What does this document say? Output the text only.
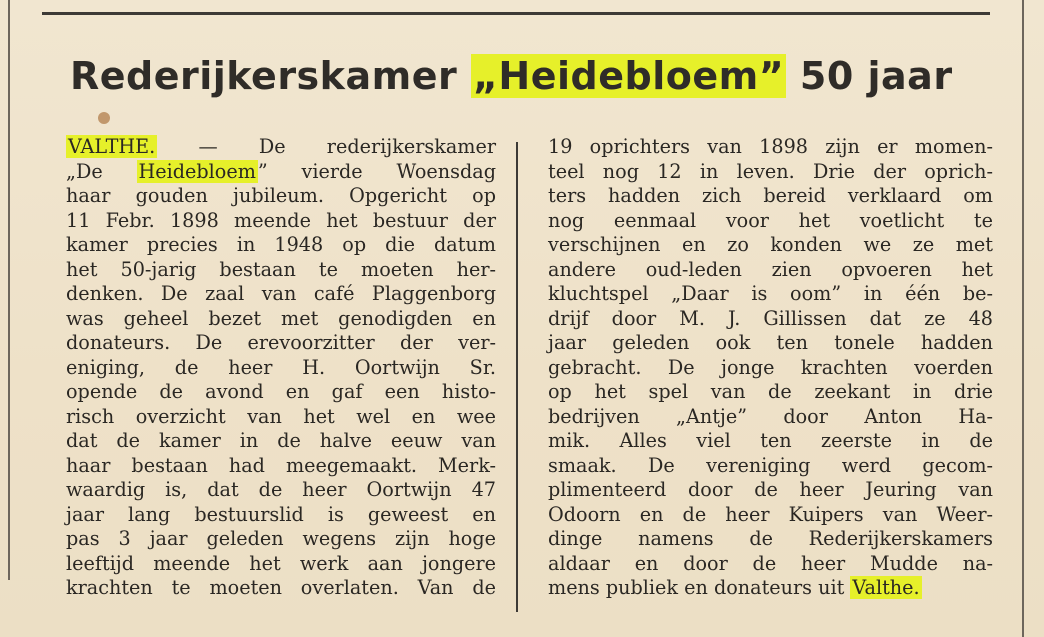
Rederijkerskamer „Heidebloem” 50 jaar
VALTHE. — De rederijkerskamer
„De Heidebloem ” vierde Woensdag
haar gouden jubileum. Opgericht op
11 Febr. 1898 meende het bestuur der
kamer precies in 1948 op die datum
het 50-jarig bestaan te moeten her-
denken. De zaal van café Plaggenborg
was geheel bezet met genodigden en
donateurs. De erevoorzitter der ver-
eniging, de heer H. Oortwijn Sr.
opende de avond en gaf een histo-
risch overzicht van het wel en wee
dat de kamer in de halve eeuw van
haar bestaan had meegemaakt. Merk-
waardig is, dat de heer Oortwijn 47
jaar lang bestuurslid is geweest en
pas 3 jaar geleden wegens zijn hoge
leeftijd meende het werk aan jongere
krachten te moeten overlaten. Van de
19 oprichters van 1898 zijn er momen-
teel nog 12 in leven. Drie der oprich-
ters hadden zich bereid verklaard om
nog eenmaal voor het voetlicht te
verschijnen en zo konden we ze met
andere oud-leden zien opvoeren het
kluchtspel „Daar is oom” in één be-
drijf door M. J. Gillissen dat ze 48
jaar geleden ook ten tonele hadden
gebracht. De jonge krachten voerden
op het spel van de zeekant in drie
bedrijven „Antje” door Anton Ha-
mik. Alles viel ten zeerste in de
smaak. De vereniging werd gecom-
plimenteerd door de heer Jeuring van
Odoorn en de heer Kuipers van Weer-
dinge namens de Rederijkerskamers
aldaar en door de heer Mudde na-
mens publiek en donateurs uit Valthe.
